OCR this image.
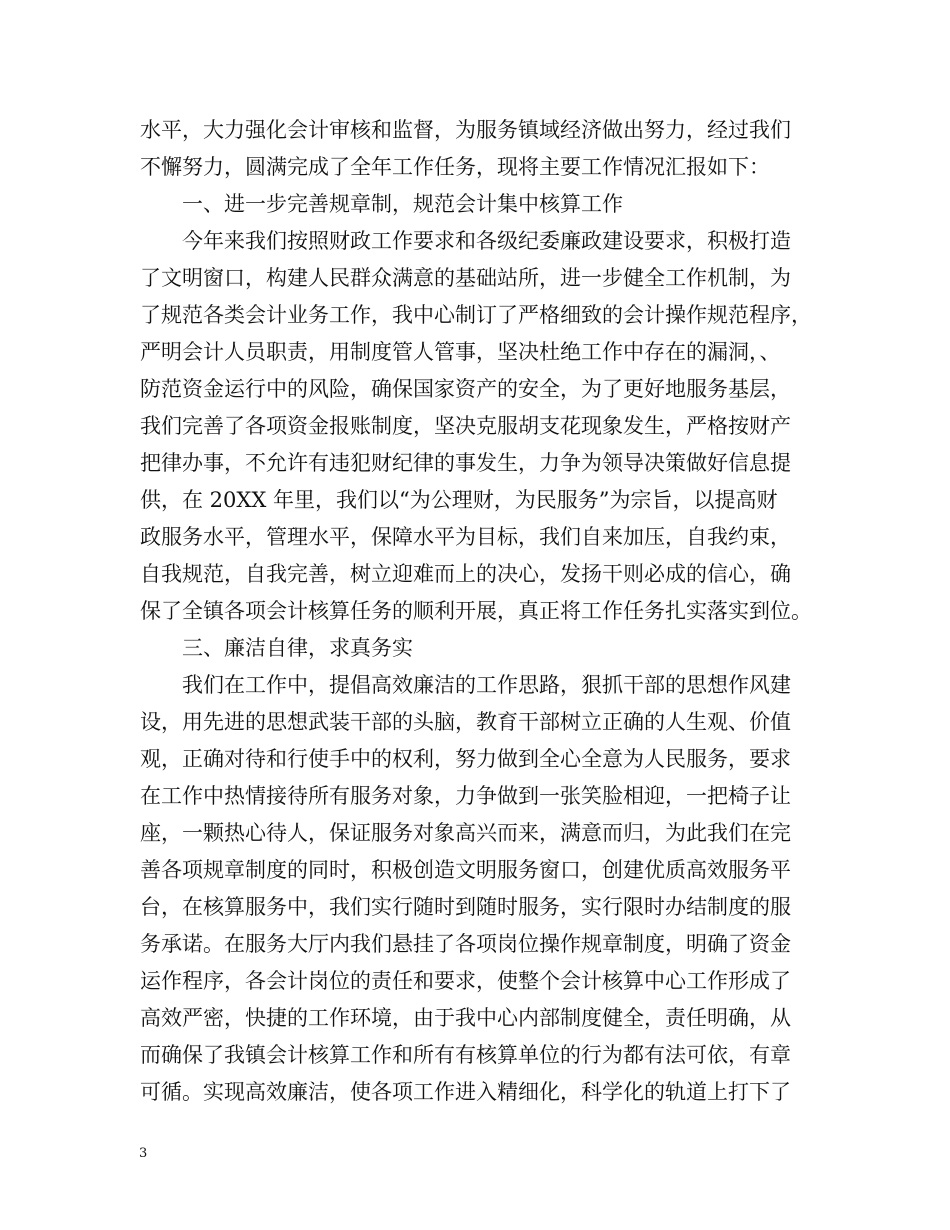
水平，大力强化会计审核和监督，为服务镇域经济做出努力，经过我们
不懈努力，圆满完成了全年工作任务，现将主要工作情况汇报如下：
一、进一步完善规章制，规范会计集中核算工作
今年来我们按照财政工作要求和各级纪委廉政建设要求，积极打造
了文明窗口，构建人民群众满意的基础站所，进一步健全工作机制，为
了规范各类会计业务工作，我中心制订了严格细致的会计操作规范程序，
严明会计人员职责，用制度管人管事，坚决杜绝工作中存在的漏洞，、
防范资金运行中的风险，确保国家资产的安全，为了更好地服务基层，
我们完善了各项资金报账制度，坚决克服胡支花现象发生，严格按财产
把律办事，不允许有违犯财纪律的事发生，力争为领导决策做好信息提
供，在 20XX 年里，我们以“为公理财，为民服务”为宗旨，以提高财
政服务水平，管理水平，保障水平为目标，我们自来加压，自我约束，
自我规范，自我完善，树立迎难而上的决心，发扬干则必成的信心，确
保了全镇各项会计核算任务的顺利开展，真正将工作任务扎实落实到位。
三、廉洁自律，求真务实
我们在工作中，提倡高效廉洁的工作思路，狠抓干部的思想作风建
设，用先进的思想武装干部的头脑，教育干部树立正确的人生观、价值
观，正确对待和行使手中的权利，努力做到全心全意为人民服务，要求
在工作中热情接待所有服务对象，力争做到一张笑脸相迎，一把椅子让
座，一颗热心待人，保证服务对象高兴而来，满意而归，为此我们在完
善各项规章制度的同时，积极创造文明服务窗口，创建优质高效服务平
台，在核算服务中，我们实行随时到随时服务，实行限时办结制度的服
务承诺。在服务大厅内我们悬挂了各项岗位操作规章制度，明确了资金
运作程序，各会计岗位的责任和要求，使整个会计核算中心工作形成了
高效严密，快捷的工作环境，由于我中心内部制度健全，责任明确，从
而确保了我镇会计核算工作和所有有核算单位的行为都有法可依，有章
可循。实现高效廉洁，使各项工作进入精细化，科学化的轨道上打下了
3
